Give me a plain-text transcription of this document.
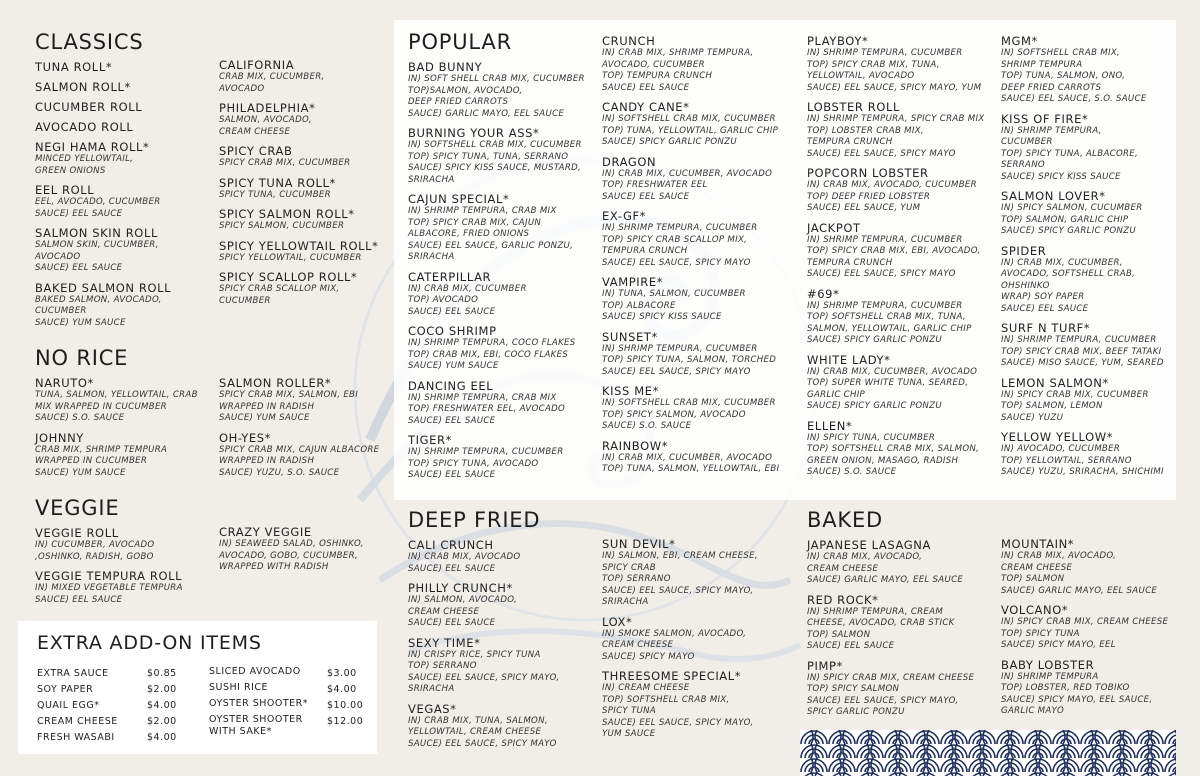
CLASSICS
TUNA ROLL*
SALMON ROLL*
CUCUMBER ROLL
AVOCADO ROLL
NEGI HAMA ROLL*
MINCED YELLOWTAIL,
GREEN ONIONS
EEL ROLL
EEL, AVOCADO, CUCUMBER
SAUCE) EEL SAUCE
SALMON SKIN ROLL
SALMON SKIN, CUCUMBER,
AVOCADO
SAUCE) EEL SAUCE
BAKED SALMON ROLL
BAKED SALMON, AVOCADO,
CUCUMBER
SAUCE) YUM SAUCE
CALIFORNIA
CRAB MIX, CUCUMBER,
AVOCADO
PHILADELPHIA*
SALMON, AVOCADO,
CREAM CHEESE
SPICY CRAB
SPICY CRAB MIX, CUCUMBER
SPICY TUNA ROLL*
SPICY TUNA, CUCUMBER
SPICY SALMON ROLL*
SPICY SALMON, CUCUMBER
SPICY YELLOWTAIL ROLL*
SPICY YELLOWTAIL, CUCUMBER
SPICY SCALLOP ROLL*
SPICY CRAB SCALLOP MIX,
CUCUMBER
NO RICE
NARUTO*
TUNA, SALMON, YELLOWTAIL, CRAB
MIX WRAPPED IN CUCUMBER
SAUCE) S.O. SAUCE
JOHNNY
CRAB MIX, SHRIMP TEMPURA
WRAPPED IN CUCUMBER
SAUCE) YUM SAUCE
SALMON ROLLER*
SPICY CRAB MIX, SALMON, EBI
WRAPPED IN RADISH
SAUCE) YUM SAUCE
OH-YES*
SPICY CRAB MIX, CAJUN ALBACORE
WRAPPED IN RADISH
SAUCE) YUZU, S.O. SAUCE
VEGGIE
VEGGIE ROLL
IN) CUCUMBER, AVOCADO
,OSHINKO, RADISH, GOBO
VEGGIE TEMPURA ROLL
IN) MIXED VEGETABLE TEMPURA
SAUCE) EEL SAUCE
CRAZY VEGGIE
IN) SEAWEED SALAD, OSHINKO,
AVOCADO, GOBO, CUCUMBER,
WRAPPED WITH RADISH
EXTRA ADD-ON ITEMS
EXTRA SAUCE	$0.85
SOY PAPER	$2.00
QUAIL EGG*	$4.00
CREAM CHEESE	$2.00
FRESH WASABI	$4.00
SLICED AVOCADO	$3.00
SUSHI RICE	$4.00
OYSTER SHOOTER*	$10.00
OYSTER SHOOTER
WITH SAKE*
$12.00
POPULAR
BAD BUNNY
IN) SOFT SHELL CRAB MIX, CUCUMBER
TOP)SALMON, AVOCADO,
DEEP FRIED CARROTS
SAUCE) GARLIC MAYO, EEL SAUCE
BURNING YOUR ASS*
IN) SOFTSHELL CRAB MIX, CUCUMBER
TOP) SPICY TUNA, TUNA, SERRANO
SAUCE) SPICY KISS SAUCE, MUSTARD,
SRIRACHA
CAJUN SPECIAL*
IN) SHRIMP TEMPURA, CRAB MIX
TOP) SPICY CRAB MIX, CAJUN
ALBACORE, FRIED ONIONS
SAUCE) EEL SAUCE, GARLIC PONZU,
SRIRACHA
CATERPILLAR
IN) CRAB MIX, CUCUMBER
TOP) AVOCADO
SAUCE) EEL SAUCE
COCO SHRIMP
IN) SHRIMP TEMPURA, COCO FLAKES
TOP) CRAB MIX, EBI, COCO FLAKES
SAUCE) YUM SAUCE
DANCING EEL
IN) SHRIMP TEMPURA, CRAB MIX
TOP) FRESHWATER EEL, AVOCADO
SAUCE) EEL SAUCE
TIGER*
IN) SHRIMP TEMPURA, CUCUMBER
TOP) SPICY TUNA, AVOCADO
SAUCE) EEL SAUCE
CRUNCH
IN) CRAB MIX, SHRIMP TEMPURA,
AVOCADO, CUCUMBER
TOP) TEMPURA CRUNCH
SAUCE) EEL SAUCE
CANDY CANE*
IN) SOFTSHELL CRAB MIX, CUCUMBER
TOP) TUNA, YELLOWTAIL, GARLIC CHIP
SAUCE) SPICY GARLIC PONZU
DRAGON
IN) CRAB MIX, CUCUMBER, AVOCADO
TOP) FRESHWATER EEL
SAUCE) EEL SAUCE
EX-GF*
IN) SHRIMP TEMPURA, CUCUMBER
TOP) SPICY CRAB SCALLOP MIX,
TEMPURA CRUNCH
SAUCE) EEL SAUCE, SPICY MAYO
VAMPIRE*
IN) TUNA, SALMON, CUCUMBER
TOP) ALBACORE
SAUCE) SPICY KISS SAUCE
SUNSET*
IN) SHRIMP TEMPURA, CUCUMBER
TOP) SPICY TUNA, SALMON, TORCHED
SAUCE) EEL SAUCE, SPICY MAYO
KISS ME*
IN) SOFTSHELL CRAB MIX, CUCUMBER
TOP) SPICY SALMON, AVOCADO
SAUCE) S.O. SAUCE
RAINBOW*
IN) CRAB MIX, CUCUMBER, AVOCADO
TOP) TUNA, SALMON, YELLOWTAIL, EBI
PLAYBOY*
IN) SHRIMP TEMPURA, CUCUMBER
TOP) SPICY CRAB MIX, TUNA,
YELLOWTAIL, AVOCADO
SAUCE) EEL SAUCE, SPICY MAYO, YUM
LOBSTER ROLL
IN) SHRIMP TEMPURA, SPICY CRAB MIX
TOP) LOBSTER CRAB MIX,
TEMPURA CRUNCH
SAUCE) EEL SAUCE, SPICY MAYO
POPCORN LOBSTER
IN) CRAB MIX, AVOCADO, CUCUMBER
TOP) DEEP FRIED LOBSTER
SAUCE) EEL SAUCE, YUM
JACKPOT
IN) SHRIMP TEMPURA, CUCUMBER
TOP) SPICY CRAB MIX, EBI, AVOCADO,
TEMPURA CRUNCH
SAUCE) EEL SAUCE, SPICY MAYO
#69*
IN) SHRIMP TEMPURA, CUCUMBER
TOP) SOFTSHELL CRAB MIX, TUNA,
SALMON, YELLOWTAIL, GARLIC CHIP
SAUCE) SPICY GARLIC PONZU
WHITE LADY*
IN) CRAB MIX, CUCUMBER, AVOCADO
TOP) SUPER WHITE TUNA, SEARED,
GARLIC CHIP
SAUCE) SPICY GARLIC PONZU
ELLEN*
IN) SPICY TUNA, CUCUMBER
TOP) SOFTSHELL CRAB MIX, SALMON,
GREEN ONION, MASAGO, RADISH
SAUCE) S.O. SAUCE
MGM*
IN) SOFTSHELL CRAB MIX,
SHRIMP TEMPURA
TOP) TUNA, SALMON, ONO,
DEEP FRIED CARROTS
SAUCE) EEL SAUCE, S.O. SAUCE
KISS OF FIRE*
IN) SHRIMP TEMPURA,
CUCUMBER
TOP) SPICY TUNA, ALBACORE,
SERRANO
SAUCE) SPICY KISS SAUCE
SALMON LOVER*
IN) SPICY SALMON, CUCUMBER
TOP) SALMON, GARLIC CHIP
SAUCE) SPICY GARLIC PONZU
SPIDER
IN) CRAB MIX, CUCUMBER,
AVOCADO, SOFTSHELL CRAB,
OHSHINKO
WRAP) SOY PAPER
SAUCE) EEL SAUCE
SURF N TURF*
IN) SHRIMP TEMPURA, CUCUMBER
TOP) SPICY CRAB MIX, BEEF TATAKI
SAUCE) MISO SAUCE, YUM, SEARED
LEMON SALMON*
IN) SPICY CRAB MIX, CUCUMBER
TOP) SALMON, LEMON
SAUCE) YUZU
YELLOW YELLOW*
IN) AVOCADO, CUCUMBER
TOP) YELLOWTAIL, SERRANO
SAUCE) YUZU, SRIRACHA, SHICHIMI
DEEP FRIED
CALI CRUNCH
IN) CRAB MIX, AVOCADO
SAUCE) EEL SAUCE
PHILLY CRUNCH*
IN) SALMON, AVOCADO,
CREAM CHEESE
SAUCE) EEL SAUCE
SEXY TIME*
IN) CRISPY RICE, SPICY TUNA
TOP) SERRANO
SAUCE) EEL SAUCE, SPICY MAYO,
SRIRACHA
VEGAS*
IN) CRAB MIX, TUNA, SALMON,
YELLOWTAIL, CREAM CHEESE
SAUCE) EEL SAUCE, SPICY MAYO
SUN DEVIL*
IN) SALMON, EBI, CREAM CHEESE,
SPICY CRAB
TOP) SERRANO
SAUCE) EEL SAUCE, SPICY MAYO,
SRIRACHA
LOX*
IN) SMOKE SALMON, AVOCADO,
CREAM CHEESE
SAUCE) SPICY MAYO
THREESOME SPECIAL*
IN) CREAM CHEESE
TOP) SOFTSHELL CRAB MIX,
SPICY TUNA
SAUCE) EEL SAUCE, SPICY MAYO,
YUM SAUCE
BAKED
JAPANESE LASAGNA
IN) CRAB MIX, AVOCADO,
CREAM CHEESE
SAUCE) GARLIC MAYO, EEL SAUCE
RED ROCK*
IN) SHRIMP TEMPURA, CREAM
CHEESE, AVOCADO, CRAB STICK
TOP) SALMON
SAUCE) EEL SAUCE
PIMP*
IN) SPICY CRAB MIX, CREAM CHEESE
TOP) SPICY SALMON
SAUCE) EEL SAUCE, SPICY MAYO,
SPICY GARLIC PONZU
MOUNTAIN*
IN) CRAB MIX, AVOCADO,
CREAM CHEESE
TOP) SALMON
SAUCE) GARLIC MAYO, EEL SAUCE
VOLCANO*
IN) SPICY CRAB MIX, CREAM CHEESE
TOP) SPICY TUNA
SAUCE) SPICY MAYO, EEL
BABY LOBSTER
IN) SHRIMP TEMPURA
TOP) LOBSTER, RED TOBIKO
SAUCE) SPICY MAYO, EEL SAUCE,
GARLIC MAYO
